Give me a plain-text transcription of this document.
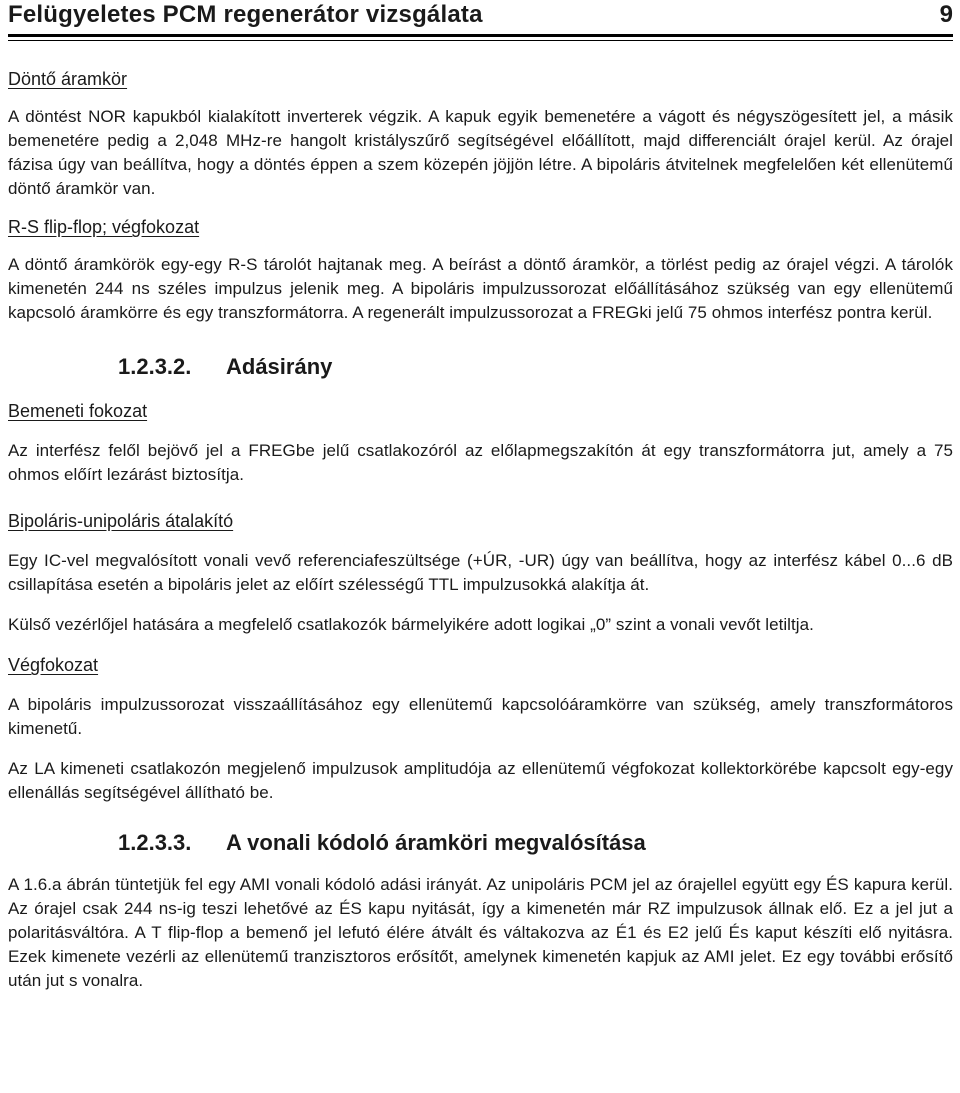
Felügyeletes PCM regenerátor vizsgálata	9

Döntő áramkör

A döntést NOR kapukból kialakított inverterek végzik. A kapuk egyik bemenetére a vágott és négyszögesített jel, a másik bemenetére pedig a 2,048 MHz-re hangolt kristályszűrő segítségével előállított, majd differenciált órajel kerül. Az órajel fázisa úgy van beállítva, hogy a döntés éppen a szem közepén jöjjön létre. A bipoláris átvitelnek megfelelően két ellenütemű döntő áramkör van.

R-S flip-flop; végfokozat

A döntő áramkörök egy-egy R-S tárolót hajtanak meg. A beírást a döntő áramkör, a törlést pedig az órajel végzi. A tárolók kimenetén 244 ns széles impulzus jelenik meg. A bipoláris impulzussorozat előállításához szükség van egy ellenütemű kapcsoló áramkörre és egy transzformátorra. A regenerált impulzussorozat a FREGki jelű 75 ohmos interfész pontra kerül.

1.2.3.2. Adásirány

Bemeneti fokozat

Az interfész felől bejövő jel a FREGbe jelű csatlakozóról az előlapmegszakítón át egy transzformátorra jut, amely a 75 ohmos előírt lezárást biztosítja.

Bipoláris-unipoláris átalakító

Egy IC-vel megvalósított vonali vevő referenciafeszültsége (+ÚR, -UR) úgy van beállítva, hogy az interfész kábel 0...6 dB csillapítása esetén a bipoláris jelet az előírt szélességű TTL impulzusokká alakítja át.

Külső vezérlőjel hatására a megfelelő csatlakozók bármelyikére adott logikai „0” szint a vonali vevőt letiltja.

Végfokozat

A bipoláris impulzussorozat visszaállításához egy ellenütemű kapcsolóáramkörre van szükség, amely transzformátoros kimenetű.

Az LA kimeneti csatlakozón megjelenő impulzusok amplitudója az ellenütemű végfokozat kollektorkörébe kapcsolt egy-egy ellenállás segítségével állítható be.

1.2.3.3. A vonali kódoló áramköri megvalósítása

A 1.6.a ábrán tüntetjük fel egy AMI vonali kódoló adási irányát. Az unipoláris PCM jel az órajellel együtt egy ÉS kapura kerül. Az órajel csak 244 ns-ig teszi lehetővé az ÉS kapu nyitását, így a kimenetén már RZ impulzusok állnak elő. Ez a jel jut a polaritásváltóra. A T flip-flop a bemenő jel lefutó élére átvált és váltakozva az É1 és E2 jelű És kaput készíti elő nyitásra. Ezek kimenete vezérli az ellenütemű tranzisztoros erősítőt, amelynek kimenetén kapjuk az AMI jelet. Ez egy további erősítő után jut s vonalra.
